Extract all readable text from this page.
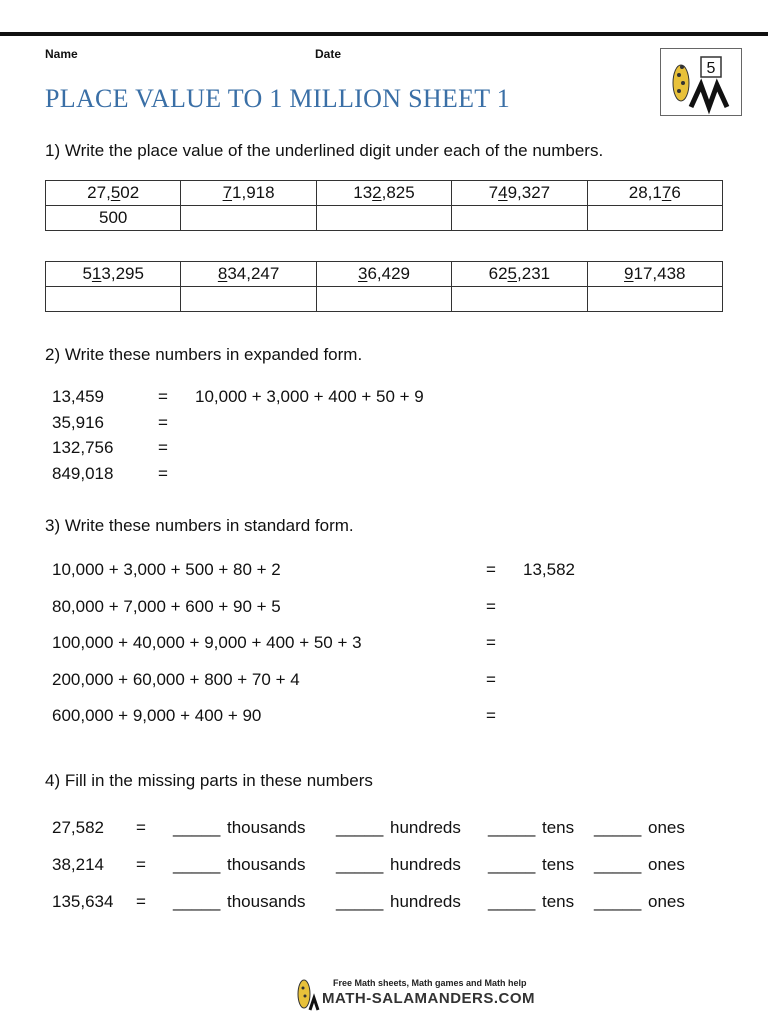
Name	Date
PLACE VALUE TO 1 MILLION SHEET 1
5
1) Write the place value of the underlined digit under each of the numbers.
27,502	71,918	132,825	749,327	28,176
500				
513,295	834,247	36,429	625,231	917,438

2) Write these numbers in expanded form.
13,459	= 10,000 + 3,000 + 400 + 50 + 9
35,916	=
132,756	=
849,018	=
3) Write these numbers in standard form.
10,000 + 3,000 + 500 + 80 + 2	= 13,582
80,000 + 7,000 + 600 + 90 + 5	=
100,000 + 40,000 + 9,000 + 400 + 50 + 3	=
200,000 + 60,000 + 800 + 70 + 4	=
600,000 + 9,000 + 400 + 90	=
4) Fill in the missing parts in these numbers
27,582 = _____ thousands _____ hundreds _____ tens _____ ones
38,214 = _____ thousands _____ hundreds _____ tens _____ ones
135,634 = _____ thousands _____ hundreds _____ tens _____ ones
Free Math sheets, Math games and Math help
MATH-SALAMANDERS.COM
